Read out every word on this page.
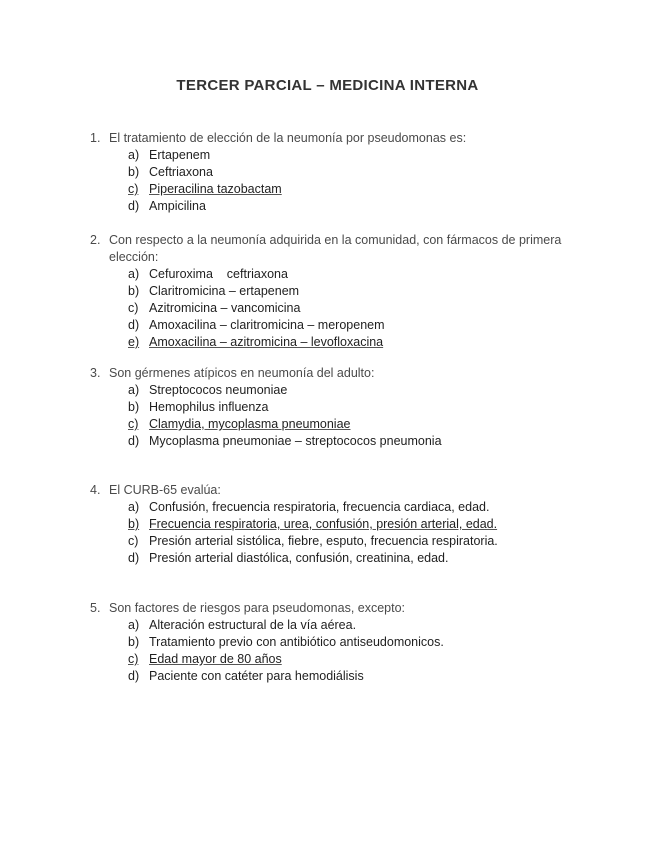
TERCER PARCIAL – MEDICINA INTERNA
1. El tratamiento de elección de la neumonía por pseudomonas es:
a) Ertapenem
b) Ceftriaxona
c) Piperacilina tazobactam
d) Ampicilina
2. Con respecto a la neumonía adquirida en la comunidad, con fármacos de primera elección:
a) Cefuroxima    ceftriaxona
b) Claritromicina – ertapenem
c) Azitromicina – vancomicina
d) Amoxacilina – claritromicina – meropenem
e) Amoxacilina – azitromicina – levofloxacina
3. Son gérmenes atípicos en neumonía del adulto:
a) Streptococos neumoniae
b) Hemophilus influenza
c) Clamydia, mycoplasma pneumoniae
d) Mycoplasma pneumoniae – streptococos pneumonia
4. El CURB-65 evalúa:
a) Confusión, frecuencia respiratoria, frecuencia cardiaca, edad.
b) Frecuencia respiratoria, urea, confusión, presión arterial, edad.
c) Presión arterial sistólica, fiebre, esputo, frecuencia respiratoria.
d) Presión arterial diastólica, confusión, creatinina, edad.
5. Son factores de riesgos para pseudomonas, excepto:
a) Alteración estructural de la vía aérea.
b) Tratamiento previo con antibiótico antiseudomonicos.
c) Edad mayor de 80 años
d) Paciente con catéter para hemodiálisis
